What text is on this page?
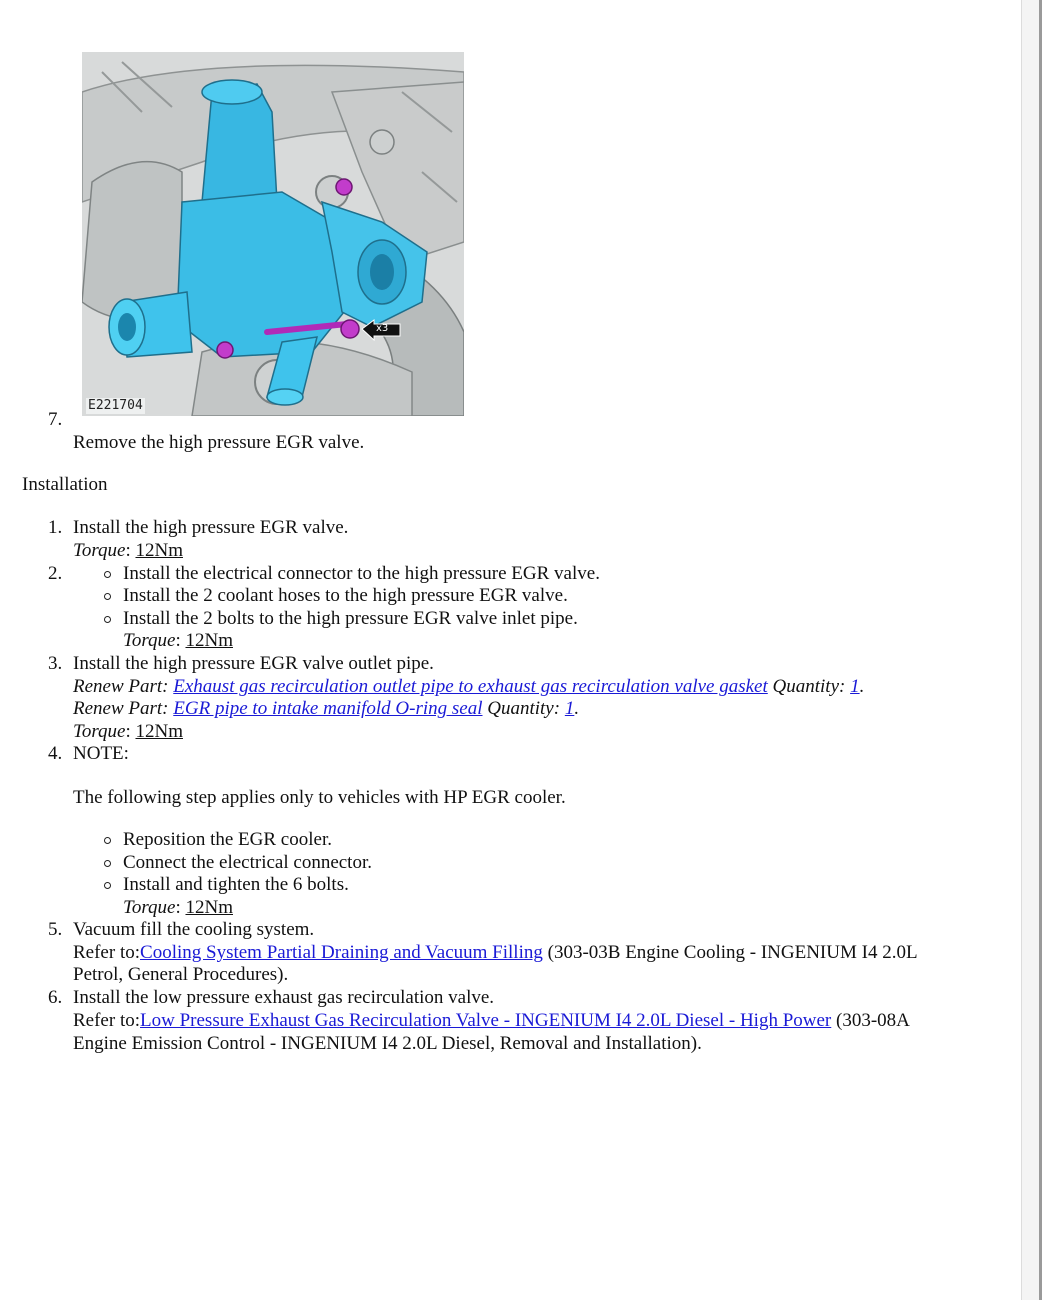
x3
E221704
7.
Remove the high pressure EGR valve.
Installation
1. Install the high pressure EGR valve.
Torque: 12Nm
2.	Install the electrical connector to the high pressure EGR valve.
Install the 2 coolant hoses to the high pressure EGR valve.
Install the 2 bolts to the high pressure EGR valve inlet pipe.
Torque: 12Nm
3. Install the high pressure EGR valve outlet pipe.
Renew Part: Exhaust gas recirculation outlet pipe to exhaust gas recirculation valve gasket Quantity: 1.
Renew Part: EGR pipe to intake manifold O-ring seal Quantity: 1.
Torque: 12Nm
4. NOTE:
The following step applies only to vehicles with HP EGR cooler.
Reposition the EGR cooler.
Connect the electrical connector.
Install and tighten the 6 bolts.
Torque: 12Nm
5. Vacuum fill the cooling system.
Refer to:Cooling System Partial Draining and Vacuum Filling (303-03B Engine Cooling - INGENIUM I4 2.0L
Petrol, General Procedures).
6. Install the low pressure exhaust gas recirculation valve.
Refer to:Low Pressure Exhaust Gas Recirculation Valve - INGENIUM I4 2.0L Diesel - High Power (303-08A
Engine Emission Control - INGENIUM I4 2.0L Diesel, Removal and Installation).
